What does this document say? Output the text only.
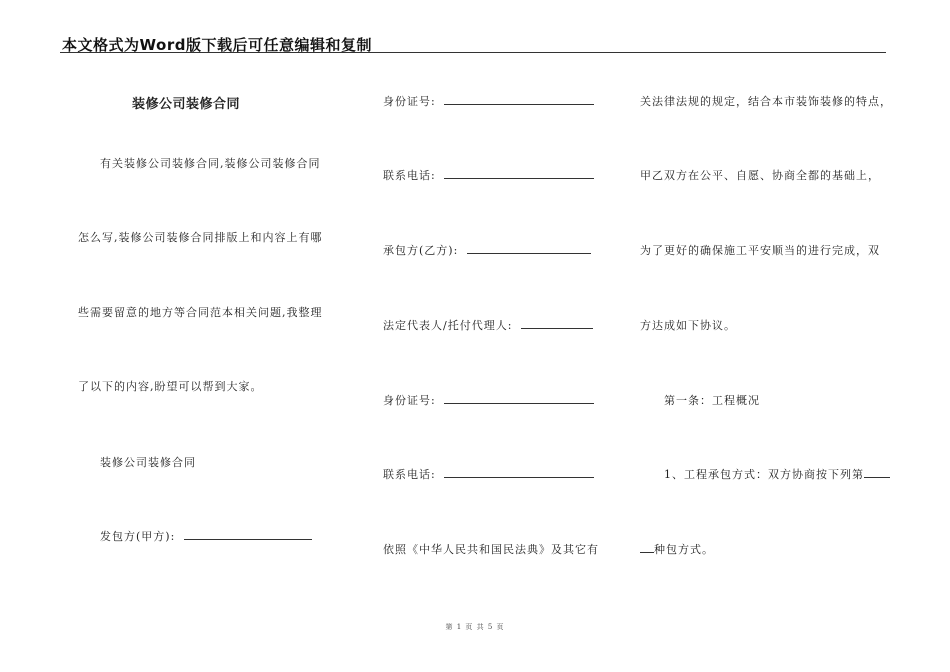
本文格式为Word版下载后可任意编辑和复制
装修公司装修合同
有关装修公司装修合同,装修公司装修合同
怎么写,装修公司装修合同排版上和内容上有哪
些需要留意的地方等合同范本相关问题,我整理
了以下的内容,盼望可以帮到大家。
装修公司装修合同
发包方(甲方):
身份证号:
联系电话:
承包方(乙方):
法定代表人/托付代理人:
身份证号:
联系电话:
依照《中华人民共和国民法典》及其它有
关法律法规的规定，结合本市装饰装修的特点，
甲乙双方在公平、自愿、协商全都的基础上，
为了更好的确保施工平安顺当的进行完成，双
方达成如下协议。
第一条：工程概况
1、工程承包方式：双方协商按下列第
种包方式。
第 1 页 共 5 页
